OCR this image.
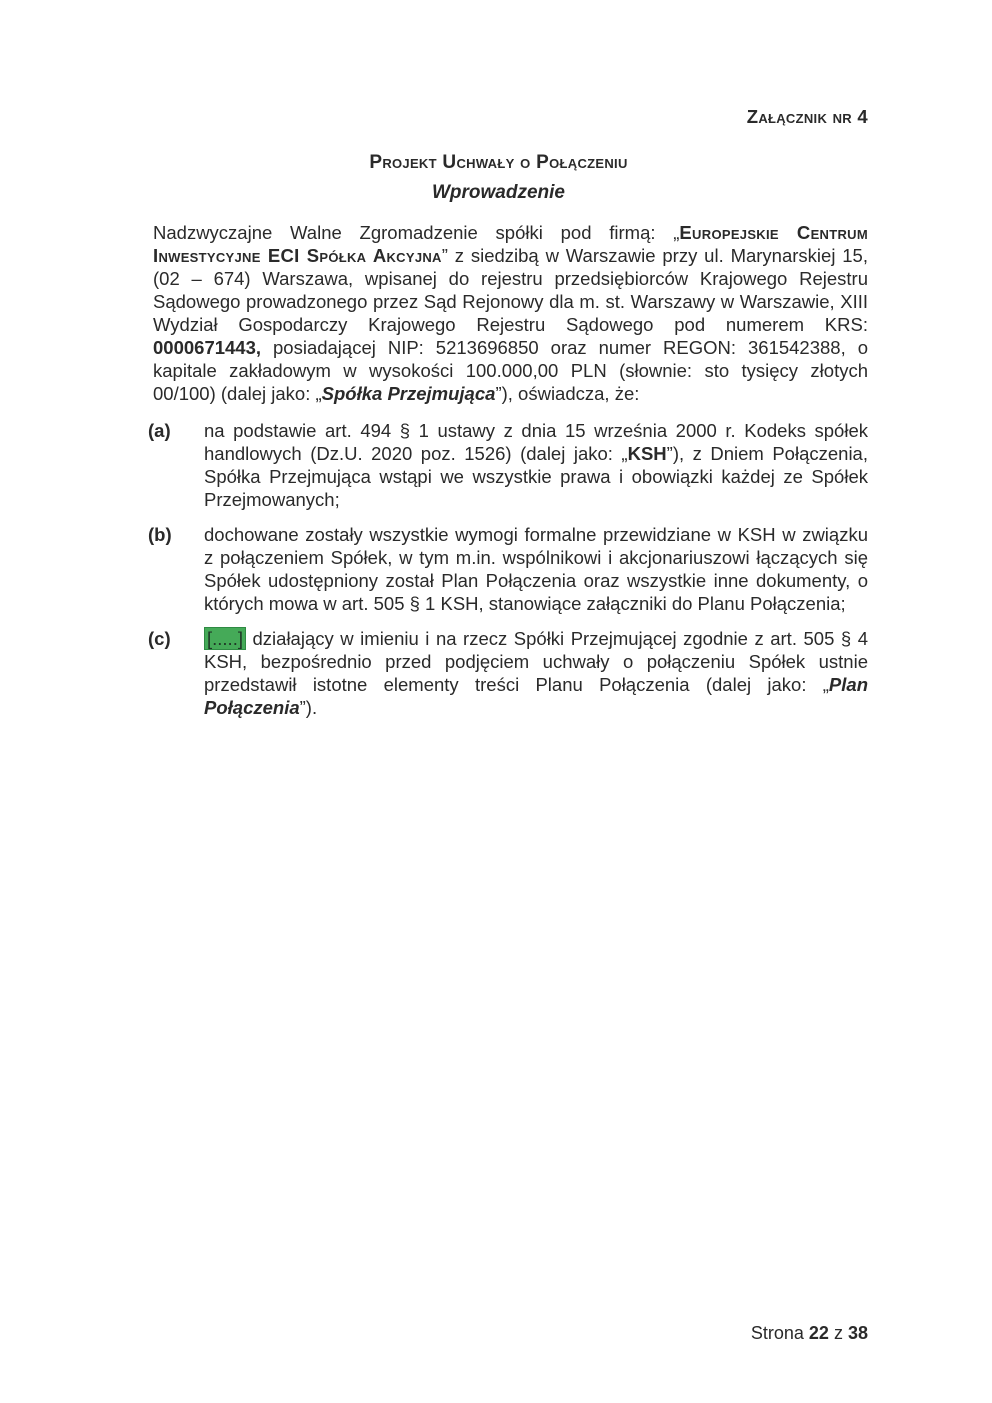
Załącznik nr 4
Projekt Uchwały o Połączeniu
Wprowadzenie

Nadzwyczajne Walne Zgromadzenie spółki pod firmą: „Europejskie Centrum Inwestycyjne ECI Spółka Akcyjna” z siedzibą w Warszawie przy ul. Marynarskiej 15, (02 – 674) Warszawa, wpisanej do rejestru przedsiębiorców Krajowego Rejestru Sądowego prowadzonego przez Sąd Rejonowy dla m. st. Warszawy w Warszawie, XIII Wydział Gospodarczy Krajowego Rejestru Sądowego pod numerem KRS: 0000671443, posiadającej NIP: 5213696850 oraz numer REGON: 361542388, o kapitale zakładowym w wysokości 100.000,00 PLN (słownie: sto tysięcy złotych 00/100) (dalej jako: „Spółka Przejmująca”), oświadcza, że:

(a) na podstawie art. 494 § 1 ustawy z dnia 15 września 2000 r. Kodeks spółek handlowych (Dz.U. 2020 poz. 1526) (dalej jako: „KSH”), z Dniem Połączenia, Spółka Przejmująca wstąpi we wszystkie prawa i obowiązki każdej ze Spółek Przejmowanych;
(b) dochowane zostały wszystkie wymogi formalne przewidziane w KSH w związku z połączeniem Spółek, w tym m.in. wspólnikowi i akcjonariuszowi łączących się Spółek udostępniony został Plan Połączenia oraz wszystkie inne dokumenty, o których mowa w art. 505 § 1 KSH, stanowiące załączniki do Planu Połączenia;
(c) [.....] działający w imieniu i na rzecz Spółki Przejmującej zgodnie z art. 505 § 4 KSH, bezpośrednio przed podjęciem uchwały o połączeniu Spółek ustnie przedstawił istotne elementy treści Planu Połączenia (dalej jako: „Plan Połączenia”).
Strona 22 z 38
